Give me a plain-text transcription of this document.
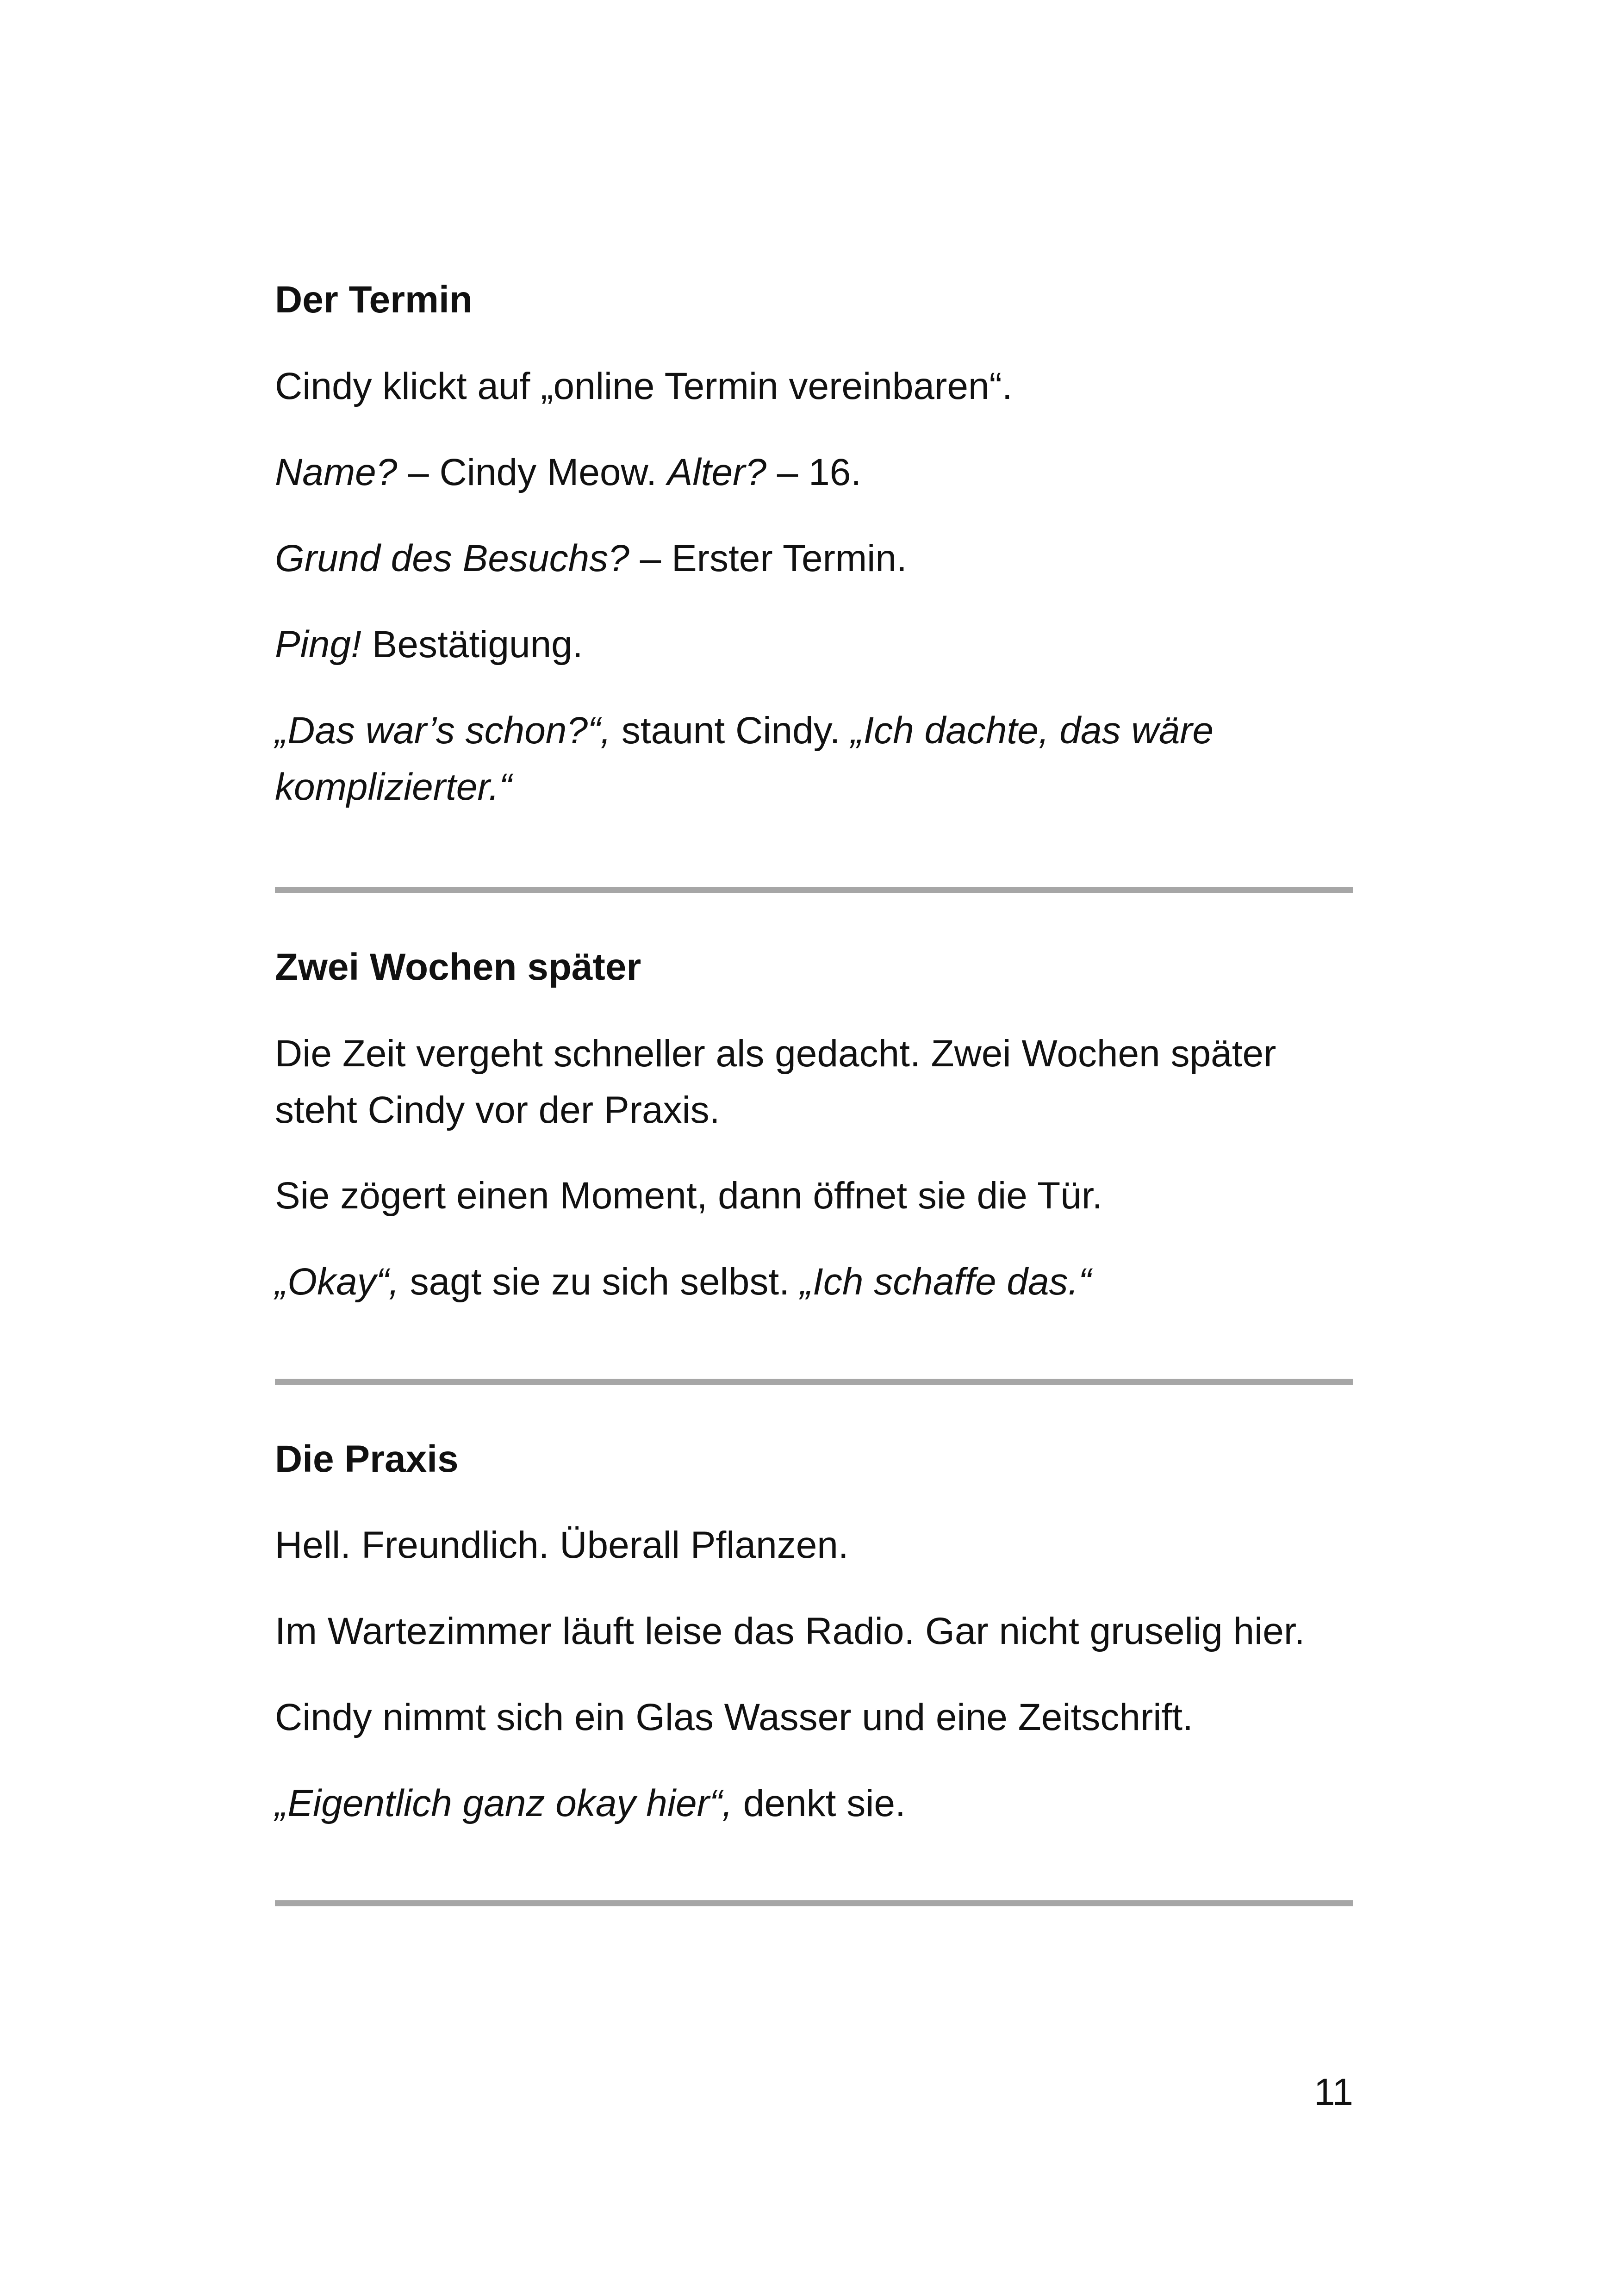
Der Termin

Cindy klickt auf „online Termin vereinbaren“.

Name? – Cindy Meow. Alter? – 16.

Grund des Besuchs? – Erster Termin.

Ping! Bestätigung.

„Das war’s schon?“, staunt Cindy. „Ich dachte, das wäre

komplizierter.“

Zwei Wochen später

Die Zeit vergeht schneller als gedacht. Zwei Wochen später

steht Cindy vor der Praxis.

Sie zögert einen Moment, dann öffnet sie die Tür.

„Okay“, sagt sie zu sich selbst. „Ich schaffe das.“

Die Praxis

Hell. Freundlich. Überall Pflanzen.

Im Wartezimmer läuft leise das Radio. Gar nicht gruselig hier.

Cindy nimmt sich ein Glas Wasser und eine Zeitschrift.

„Eigentlich ganz okay hier“, denkt sie.

11
